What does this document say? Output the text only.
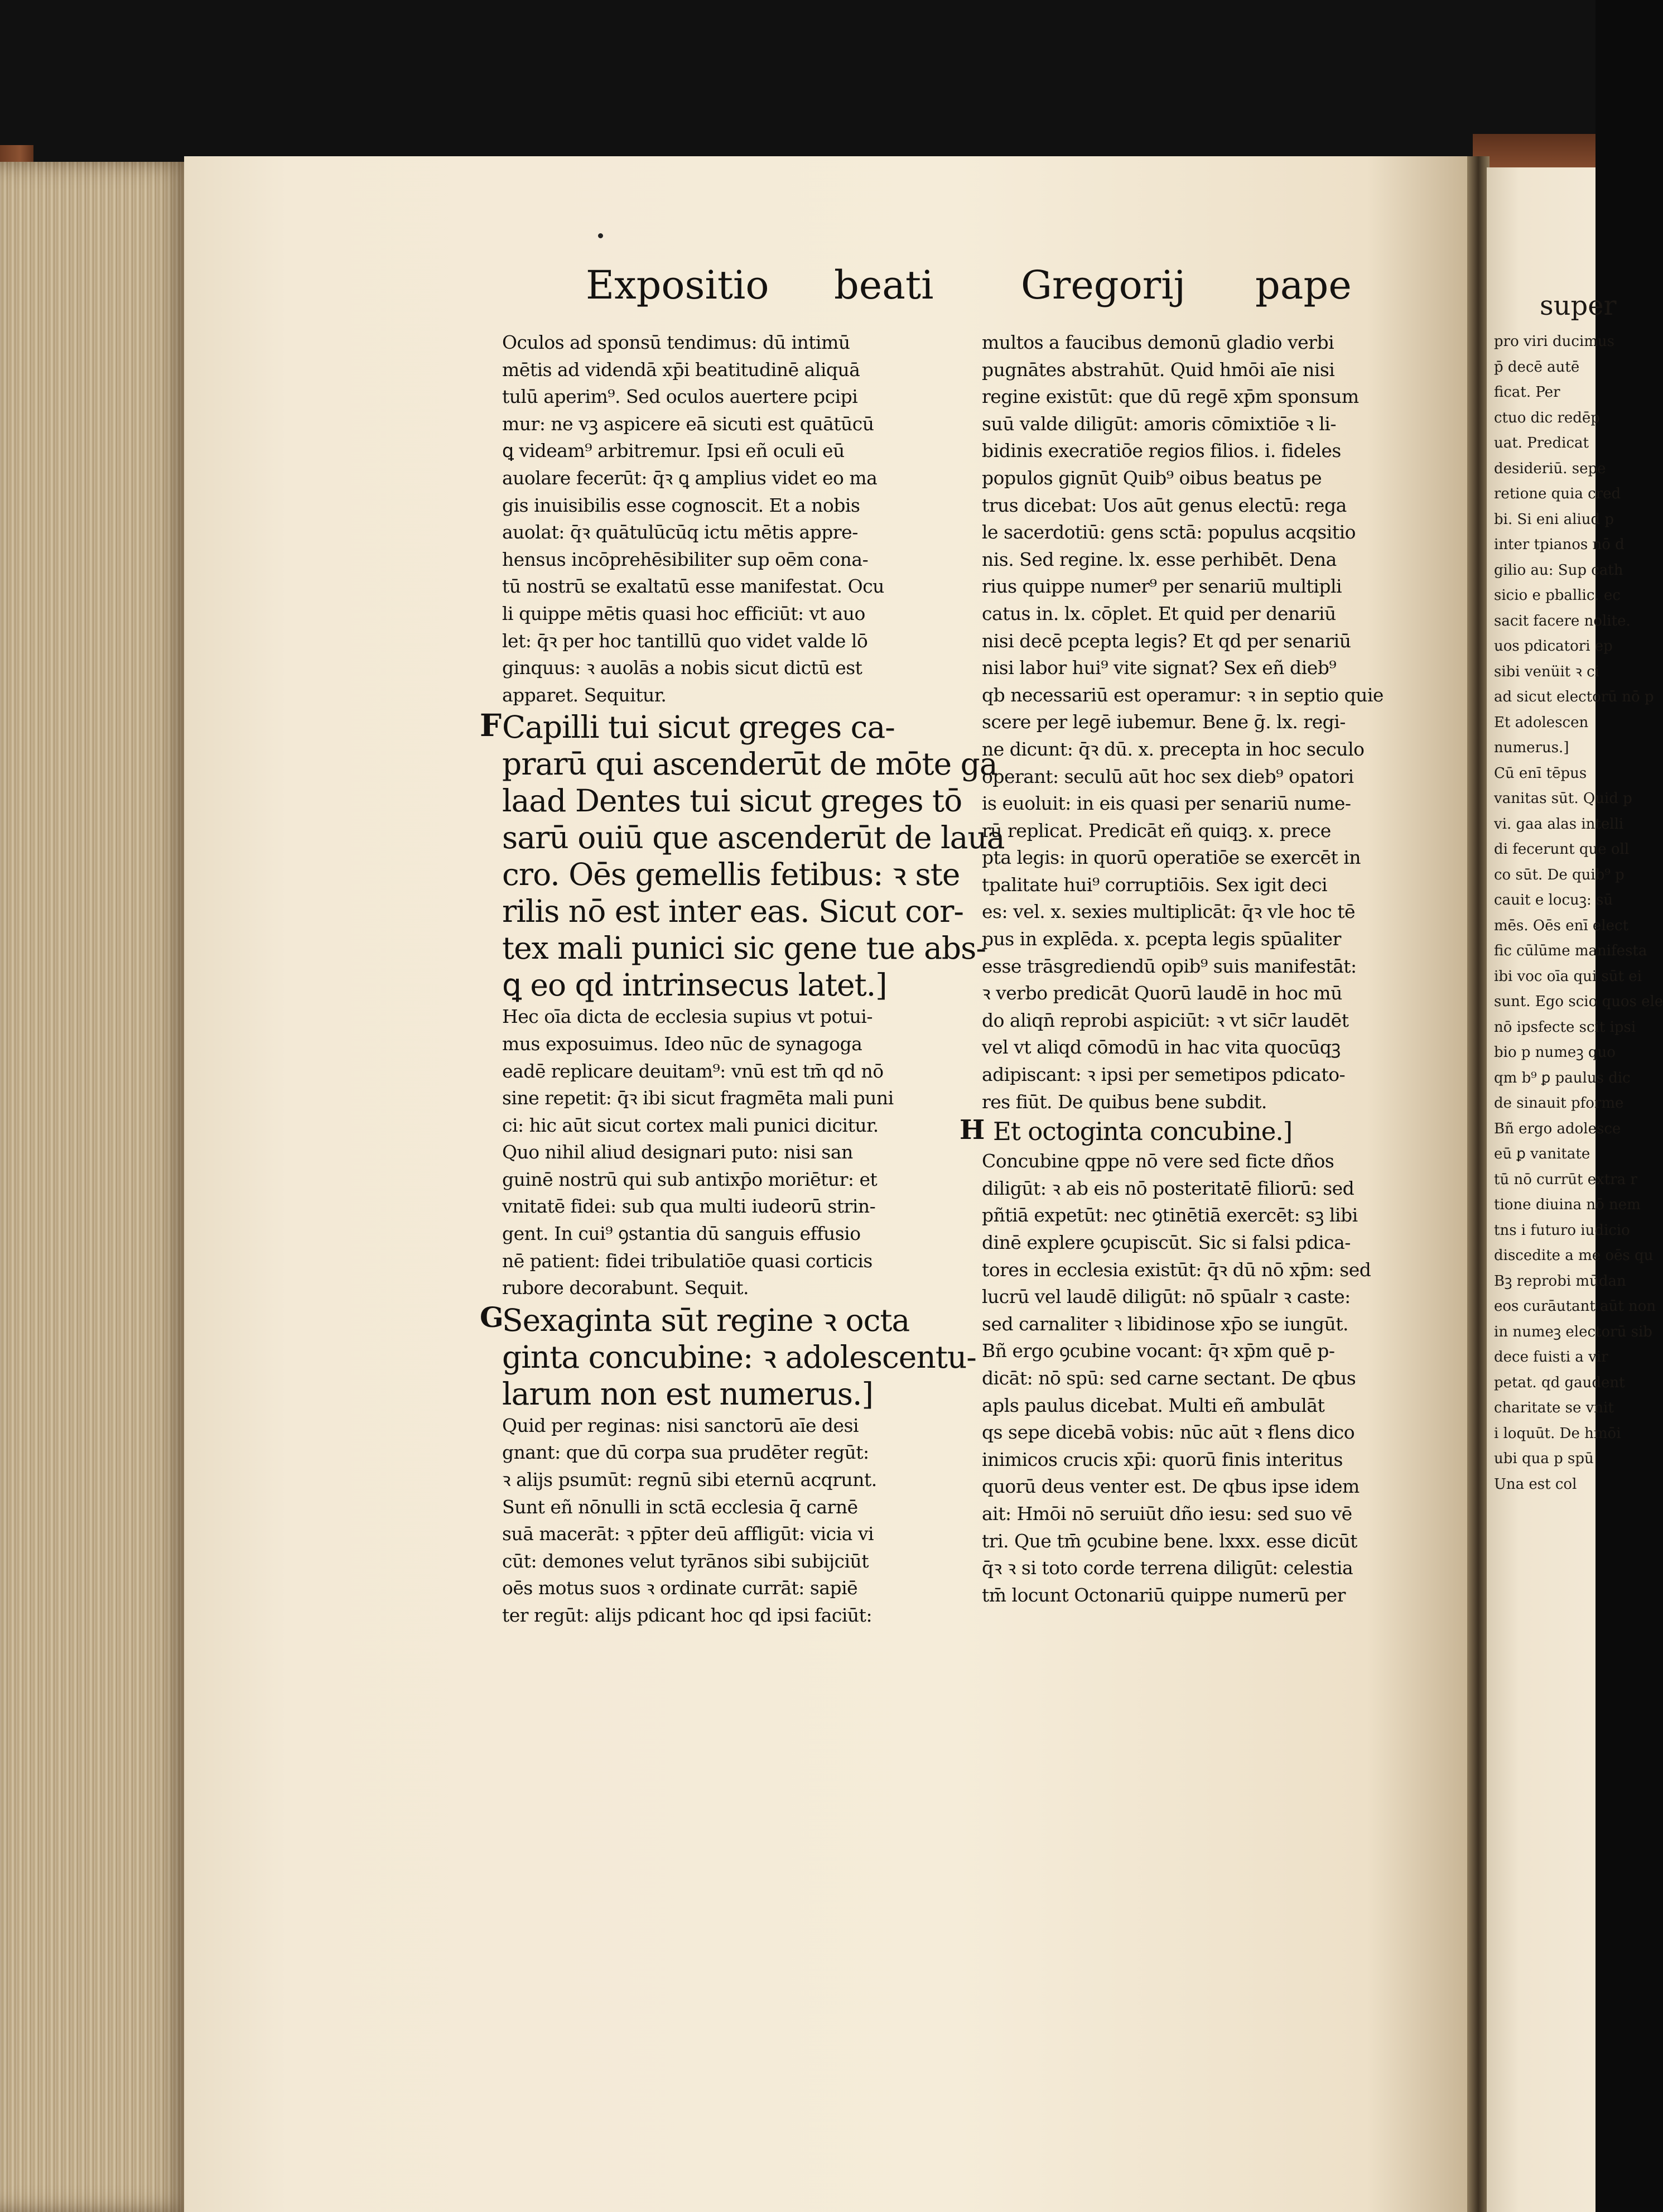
Expositio beati Gregorij pape
Oculos ad sponsū tendimus: dū intimū
mētis ad videndā xp̄i beatitudinē aliquā
tulū aperim⁹. Sed oculos auertere pcipi
mur: ne vꝫ aspicere eā sicuti est quātūcū
ꝗ videam⁹ arbitremur. Ipsi eñ oculi eū
auolare fecerūt: q̄ꝛ ꝗ amplius videt eo ma
gis inuisibilis esse cognoscit. Et a nobis
auolat: q̄ꝛ quātulūcūq ictu mētis appre-
hensus incōprehēsibiliter sup oēm cona-
tū nostrū se exaltatū esse manifestat. Ocu
li quippe mētis quasi hoc efficiūt: vt auo
let: q̄ꝛ per hoc tantillū quo videt valde lō
ginquus: ꝛ auolās a nobis sicut dictū est
apparet. Sequitur.
F Capilli tui sicut greges ca-
prarū qui ascenderūt de mōte ga
laad Dentes tui sicut greges tō
sarū ouiū que ascenderūt de laua
cro. Oēs gemellis fetibus: ꝛ ste
rilis nō est inter eas. Sicut cor-
tex mali punici sic gene tue abs-
ꝗ eo qd intrinsecus latet.]
Hec oīa dicta de ecclesia supius vt potui-
mus exposuimus. Ideo nūc de synagoga
eadē replicare deuitam⁹: vnū est tm̄ qd nō
sine repetit: q̄ꝛ ibi sicut fragmēta mali puni
ci: hic aūt sicut cortex mali punici dicitur.
Quo nihil aliud designari puto: nisi san
guinē nostrū qui sub antixp̄o moriētur: et
vnitatē fidei: sub qua multi iudeorū strin-
gent. In cui⁹ ꝯstantia dū sanguis effusio
nē patient: fidei tribulatiōe quasi corticis
rubore decorabunt. Sequit.
G
Sexaginta sūt regine ꝛ octa
ginta concubine: ꝛ adolescentu-
larum non est numerus.]
Quid per reginas: nisi sanctorū aīe desi
gnant: que dū corpa sua prudēter regūt:
ꝛ alijs psumūt: regnū sibi eternū acqrunt.
Sunt eñ nōnulli in sctā ecclesia q̄ carnē
suā macerāt: ꝛ pp̄ter deū affligūt: vicia vi
cūt: demones velut tyrānos sibi subijciūt
oēs motus suos ꝛ ordinate currāt: sapiē
ter regūt: alijs pdicant hoc qd ipsi faciūt:
multos a faucibus demonū gladio verbi
pugnātes abstrahūt. Quid hmōi aīe nisi
regine existūt: que dū regē xp̄m sponsum
suū valde diligūt: amoris cōmixtiōe ꝛ li-
bidinis execratiōe regios filios. i. fideles
populos gignūt Quib⁹ oibus beatus pe
trus dicebat: Uos aūt genus electū: rega
le sacerdotiū: gens sctā: populus acqsitio
nis. Sed regine. lx. esse perhibēt. Dena
rius quippe numer⁹ per senariū multipli
catus in. lx. cōplet. Et quid per denariū
nisi decē pcepta legis? Et qd per senariū
nisi labor hui⁹ vite signat? Sex eñ dieb⁹
qb necessariū est operamur: ꝛ in septio quie
scere per legē iubemur. Bene ḡ. lx. regi-
ne dicunt: q̄ꝛ dū. x. precepta in hoc seculo
operant: seculū aūt hoc sex dieb⁹ opatori
is euoluit: in eis quasi per senariū nume-
rū replicat. Predicāt eñ quiqꝫ. x. prece
pta legis: in quorū operatiōe se exercēt in
tpalitate hui⁹ corruptiōis. Sex igit deci
es: vel. x. sexies multiplicāt: q̄ꝛ vle hoc tē
pus in explēda. x. pcepta legis spūaliter
esse trāsgrediendū opib⁹ suis manifestāt:
ꝛ verbo predicāt Quorū laudē in hoc mū
do aliqn̄ reprobi aspiciūt: ꝛ vt sic̄r laudēt
vel vt aliqd cōmodū in hac vita quocūqꝫ
adipiscant: ꝛ ipsi per semetipos pdicato-
res fiūt. De quibus bene subdit.
H Et octoginta concubine.]
Concubine qppe nō vere sed ficte dños
diligūt: ꝛ ab eis nō posteritatē filiorū: sed
pñtiā expetūt: nec ꝯtinētiā exercēt: sꝫ libi
dinē explere ꝯcupiscūt. Sic si falsi pdica-
tores in ecclesia existūt: q̄ꝛ dū nō xp̄m: sed
lucrū vel laudē diligūt: nō spūalr ꝛ caste:
sed carnaliter ꝛ libidinose xp̄o se iungūt.
Bñ ergo ꝯcubine vocant: q̄ꝛ xp̄m quē p-
dicāt: nō spū: sed carne sectant. De qbus
apls paulus dicebat. Multi eñ ambulāt
qs sepe dicebā vobis: nūc aūt ꝛ flens dico
inimicos crucis xp̄i: quorū finis interitus
quorū deus venter est. De qbus ipse idem
ait: Hmōi nō seruiūt dño iesu: sed suo vē
tri. Que tm̄ ꝯcubine bene. lxxx. esse dicūt
q̄ꝛ ꝛ si toto corde terrena diligūt: celestia
tm̄ locunt Octonariū quippe numerū per
super
pro viri ducimus
p̄ decē autē
ficat. Per
ctuo dic redēp
uat. Predicat
desideriū. sepe
retione quia cred
bi. Si eni aliud p
inter tpianos nō d
gilio au: Sup cath
sicio e pballic. ec
sacit facere nolite.
uos pdicatori ep
sibi venüit ꝛ ci
ad sicut electorū nō p
Et adolescen
numerus.]
Cū enī tēpus
vanitas sūt. Quid p
vi. gaa alas intelli
di fecerunt que oll
co sūt. De quib⁹ p
cauit e locuꝫ: sū
mēs. Oēs enī elect
fic cūlūme manifesta
ibi voc oīa qui sūt ei
sunt. Ego scio quos ele
nō ipsfecte scit ipsi
bio p numeꝫ quo
qm b⁹ ꝑ paulus dic
de sinauit pforme
Bñ ergo adolesce
eū ꝑ vanitate
tū nō currūt extra r
tione diuina nō nem
tns i futuro iudicio
discedite a me oēs qu
Bꝫ reprobi mūdan
eos curāutant aūt non
in numeꝫ electorū sib
dece fuisti a vir
petat. qd gaudent
charitate se vnit
i loquūt. De hmōi
ubi qua p spū
Una est col
